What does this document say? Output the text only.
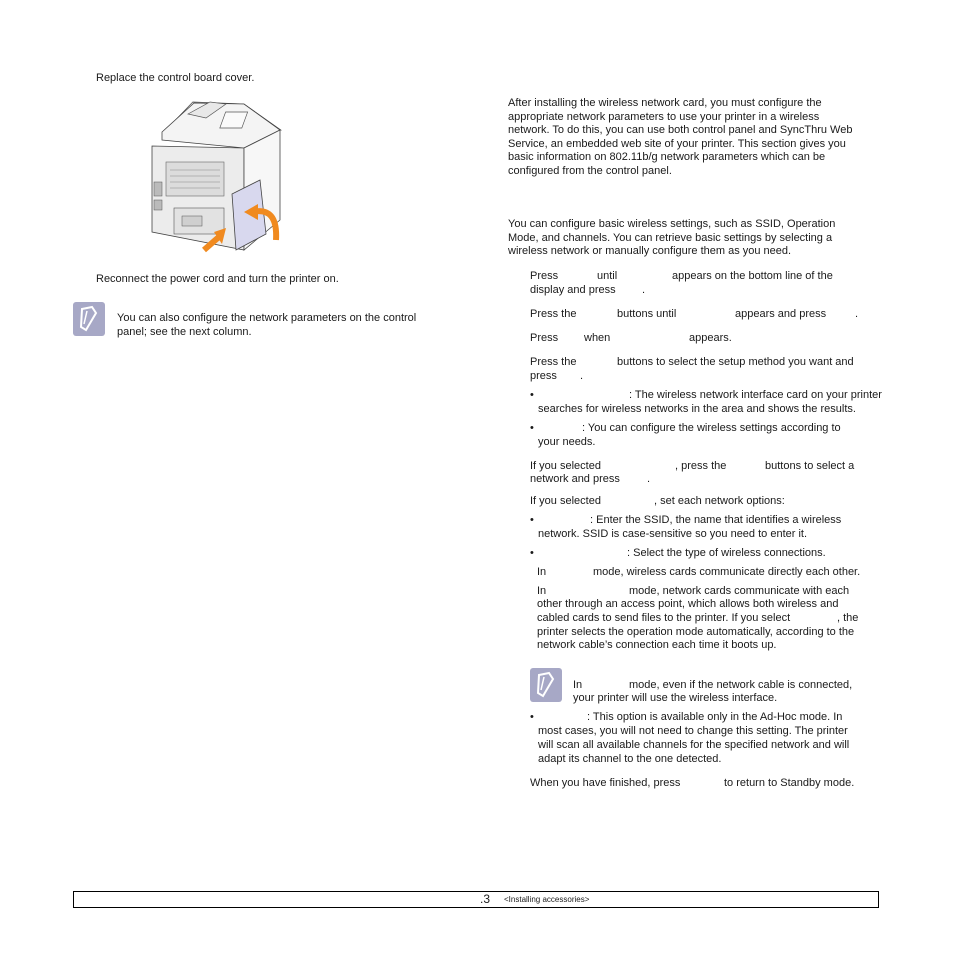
Replace the control board cover.
Reconnect the power cord and turn the printer on.
You can also configure the network parameters on the control panel; see the next column.
After installing the wireless network card, you must configure the
appropriate network parameters to use your printer in a wireless
network. To do this, you can use both control panel and SyncThru Web
Service, an embedded web site of your printer. This section gives you
basic information on 802.11b/g network parameters which can be
configured from the control panel.
You can configure basic wireless settings, such as SSID, Operation
Mode, and channels. You can retrieve basic settings by selecting a
wireless network or manually configure them as you need.
Press	until	appears on the bottom line of the
display and press .
Press the	buttons until	appears and press	.
Press when	appears.
Press the	buttons to select the setup method you want and
press .
•	: The wireless network interface card on your printer
searches for wireless networks in the area and shows the results.
•	: You can configure the wireless settings according to
your needs.
If you selected	, press the	buttons to select a
network and press .
If you selected	, set each network options:
•	: Enter the SSID, the name that identifies a wireless
network. SSID is case-sensitive so you need to enter it.
•	: Select the type of wireless connections.
In	mode, wireless cards communicate directly each other.
In	mode, network cards communicate with each
other through an access point, which allows both wireless and
cabled cards to send files to the printer. If you select	, the
printer selects the operation mode automatically, according to the
network cable’s connection each time it boots up.
In	mode, even if the network cable is connected,
your printer will use the wireless interface.
•	: This option is available only in the Ad-Hoc mode. In
most cases, you will not need to change this setting. The printer
will scan all available channels for the specified network and will
adapt its channel to the one detected.
When you have finished, press	to return to Standby mode.
.3 <Installing accessories>
